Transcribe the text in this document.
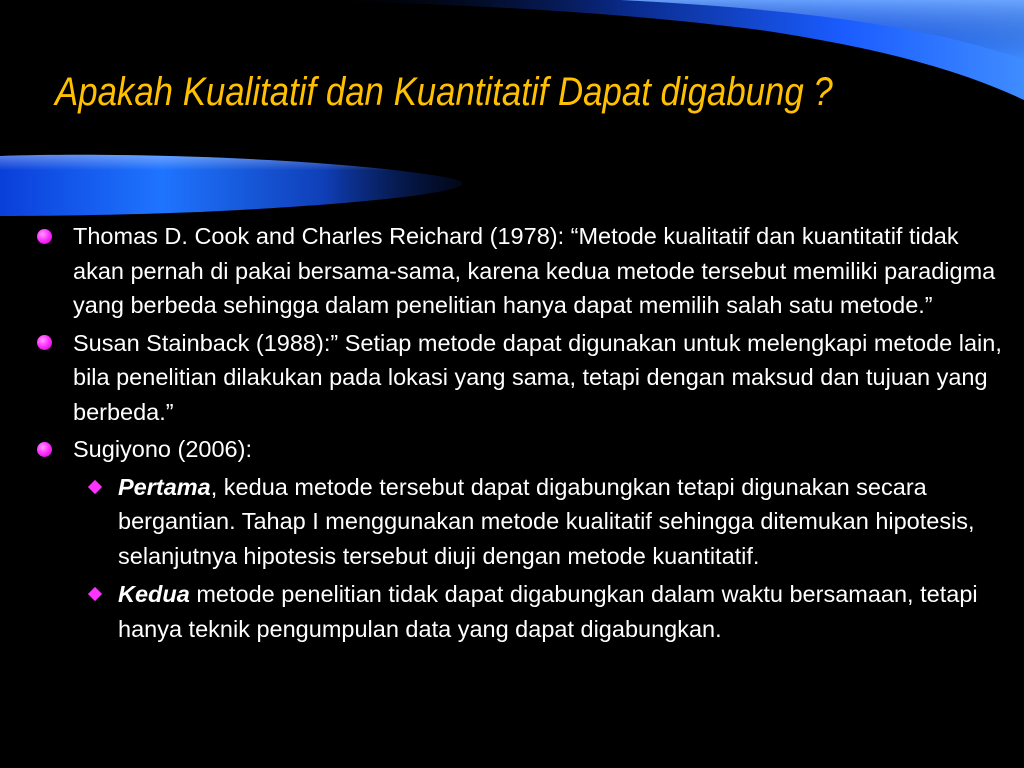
Apakah Kualitatif dan Kuantitatif Dapat digabung ?
Thomas D. Cook and Charles Reichard (1978): “Metode kualitatif dan kuantitatif tidak akan pernah di pakai bersama-sama, karena kedua metode tersebut memiliki paradigma yang berbeda sehingga dalam penelitian hanya dapat memilih salah satu metode.”
Susan Stainback (1988):” Setiap metode dapat digunakan untuk melengkapi metode lain, bila penelitian dilakukan pada lokasi yang sama, tetapi dengan maksud dan tujuan yang berbeda.”
Sugiyono (2006):
Pertama, kedua metode tersebut dapat digabungkan tetapi digunakan secara bergantian. Tahap I menggunakan metode kualitatif sehingga ditemukan hipotesis, selanjutnya hipotesis tersebut diuji dengan metode kuantitatif.
Kedua metode penelitian tidak dapat digabungkan dalam waktu bersamaan, tetapi hanya teknik pengumpulan data yang dapat digabungkan.
